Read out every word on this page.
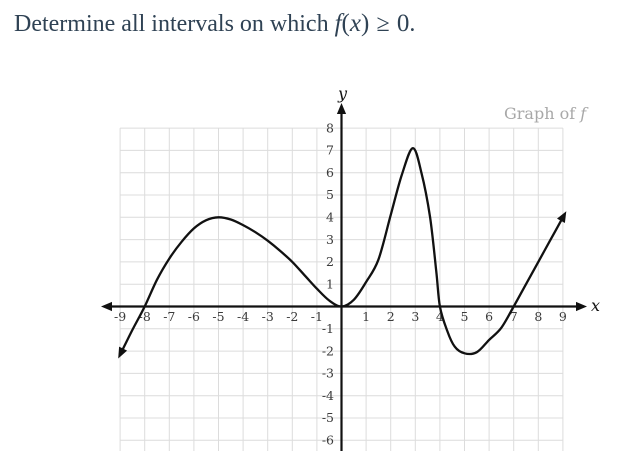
Determine all intervals on which f(x) ≥ 0.
-9 -8 -7 -6 -5 -4 -3 -2 -1	1 2 3 4 5 6 7 8 9
8
7
6
5
4
3
2
1
-1
-2
-3
-4
-5
-6
x
y
Graph of f
